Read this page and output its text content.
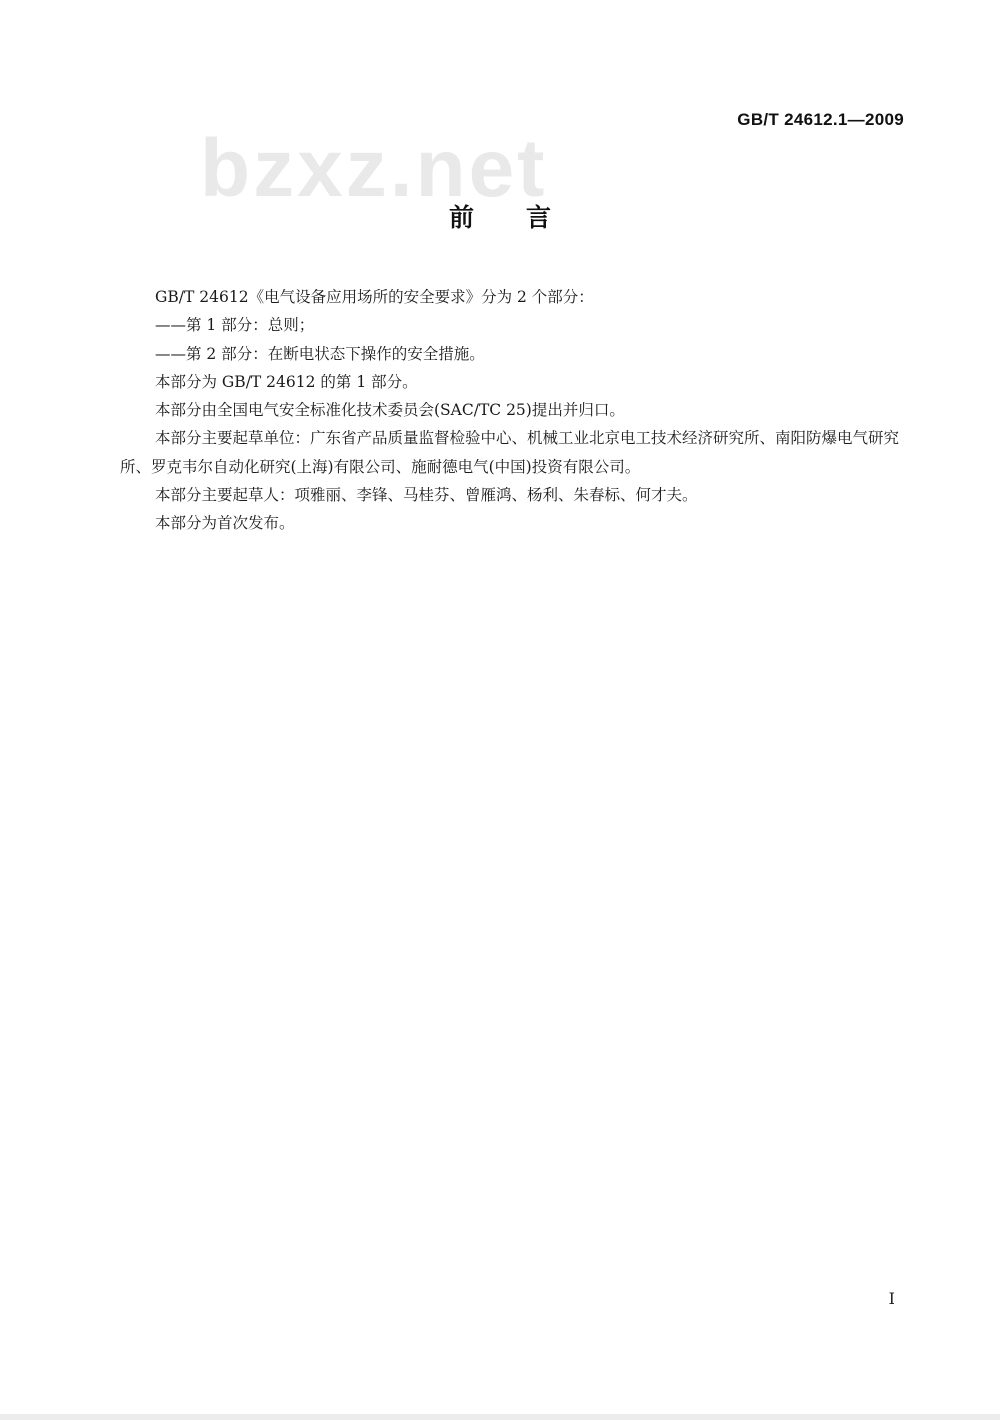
GB/T 24612.1—2009
bzxz.net
前言

GB/T 24612《电气设备应用场所的安全要求》分为 2 个部分：

——第 1 部分：总则；

——第 2 部分：在断电状态下操作的安全措施。

本部分为 GB/T 24612 的第 1 部分。

本部分由全国电气安全标准化技术委员会(SAC/TC 25)提出并归口。

本部分主要起草单位：广东省产品质量监督检验中心、机械工业北京电工技术经济研究所、南阳防爆电气研究所、罗克韦尔自动化研究(上海)有限公司、施耐德电气(中国)投资有限公司。

本部分主要起草人：项雅丽、李锋、马桂芬、曾雁鸿、杨利、朱春标、何才夫。

本部分为首次发布。

I
